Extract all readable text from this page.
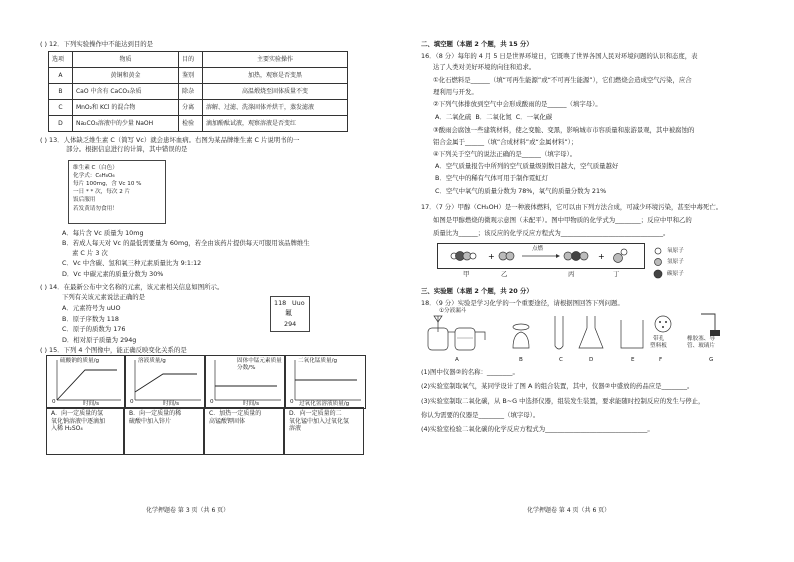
( ) 12．下列实验操作中不能达到目的是
选项	物质	目的	主要实验操作
A	黄铜和黄金	鉴别	加热，观察是否变黑
B	CaO 中含有 CaCO₃杂质	除杂	高温煅烧至固体质量不变
C	MnO₂和 KCl 的混合物	分离	溶解、过滤、洗涤固体并烘干，蒸发滤液
D	Na₂CO₃溶液中的少量 NaOH	检验	滴加酚酞试液，观察溶液是否变红
( ) 13．人体缺乏维生素 C（简写 Vc）就会患坏血病。右图为某品牌维生素 C 片说明书的一
部分。根据信息进行的计算，其中错误的是
维生素 C（白色）
化学式：C₆H₈O₆
每片 100mg，含 Vc 10 %
一日 * * 次，每次 2 片
饭后服用
若发黄请勿食用！
A．每片含 Vc 质量为 10mg
B．若成人每天对 Vc 的最低需要量为 60mg，若全由该药片提供每天可服用该品牌维生
素 C 片 3 次
C．Vc 中含碳、氢和氧三种元素质量比为 9:1:12
D．Vc 中碳元素的质量分数为 30%
( ) 14．在最新公布中文名称的元素，该元素相关信息如图所示。
下列有关该元素说法正确的是
A．元素符号为 uUO
B．原子序数为 118
C．原子的质数为 176
D．相对原子质量为 294g
118 Uuo
鿫
294
( ) 15．下列 4 个图像中，能正确反映变化关系的是
硫酸钠的质量/g
0	时间/s
溶液质量/g
0	时间/s
固体中锰元素质量分数/%
0	时间/s
二氧化锰质量/g
0 过氧化氢溶液质量/g
A．向一定质量的氢
氧化钠溶液中逐滴加
入稀 H₂SO₄
B．向一定质量的稀
硫酸中加入锌片
C．加热一定质量的
高锰酸钾固体
D．向一定质量的二
氧化锰中加入过氧化氢
溶液
化学押题卷 第 3 页（共 6 页）
二、填空题（本题 2 个题，共 15 分）
16．（8 分）每年的 4 月 5 日是世界环境日，它既唤了世界各国人民对环境问题的认识和态度，表
达了人类对美好环境的向往和追求。
①化石燃料是______（填“可再生能源”或“不可再生能源”），它们燃烧会造成空气污染，应合
理利用与开发。
②下列气体排放到空气中会形成酸雨的是______（填字母）。
A．二氧化硫 B．二氧化氮 C．一氧化碳
③酸雨会腐蚀一些建筑材料，使之变脆、变黑，影响城市市容质量和旅游景观，其中被腐蚀的
铝合金属于______（填“合成材料”或“金属材料”）；
④下列关于空气的说法正确的是______（填字母）。
A．空气质量报告中所列的空气质量级别数目越大，空气质量越好
B．空气中的稀有气体可用于制作霓虹灯
C．空气中氧气的质量分数为 78%，氧气的质量分数为 21%
17．（7 分）甲醇（CH₃OH）是一种液体燃料，它可以由下列方法合成，可减少环境污染，甚至中毒死亡。
如图是甲醇燃烧的微观示意图（未配平）。图中甲物质的化学式为________；反应中甲和乙的
质量比为______；该反应的化学反应方程式为________________________________。
+	+
点燃
甲	乙	丙	丁
氧原子
氢原子
碳原子
三、实验题（本题 2 个题，共 20 分）
18．（9 分）实验是学习化学的一个重要途径，请根据图回答下列问题。
①分液漏斗
A	B	C	D	E	F	G
带孔
塑料板
橡胶塞、导
管、玻璃片
(1)图中仪器②的名称：________。
(2)实验室制取氧气，某同学设计了图 A 的组合装置，其中，仪器②中盛放的药品应是________。
(3)实验室制取二氧化碳，从 B~G 中选择仪器，组装发生装置，要求能随时控制反应的发生与停止，
你认为需要的仪器是________（填字母）。
(4)实验室检验二氧化碳的化学反应方程式为________________________________。
化学押题卷 第 4 页（共 6 页）
